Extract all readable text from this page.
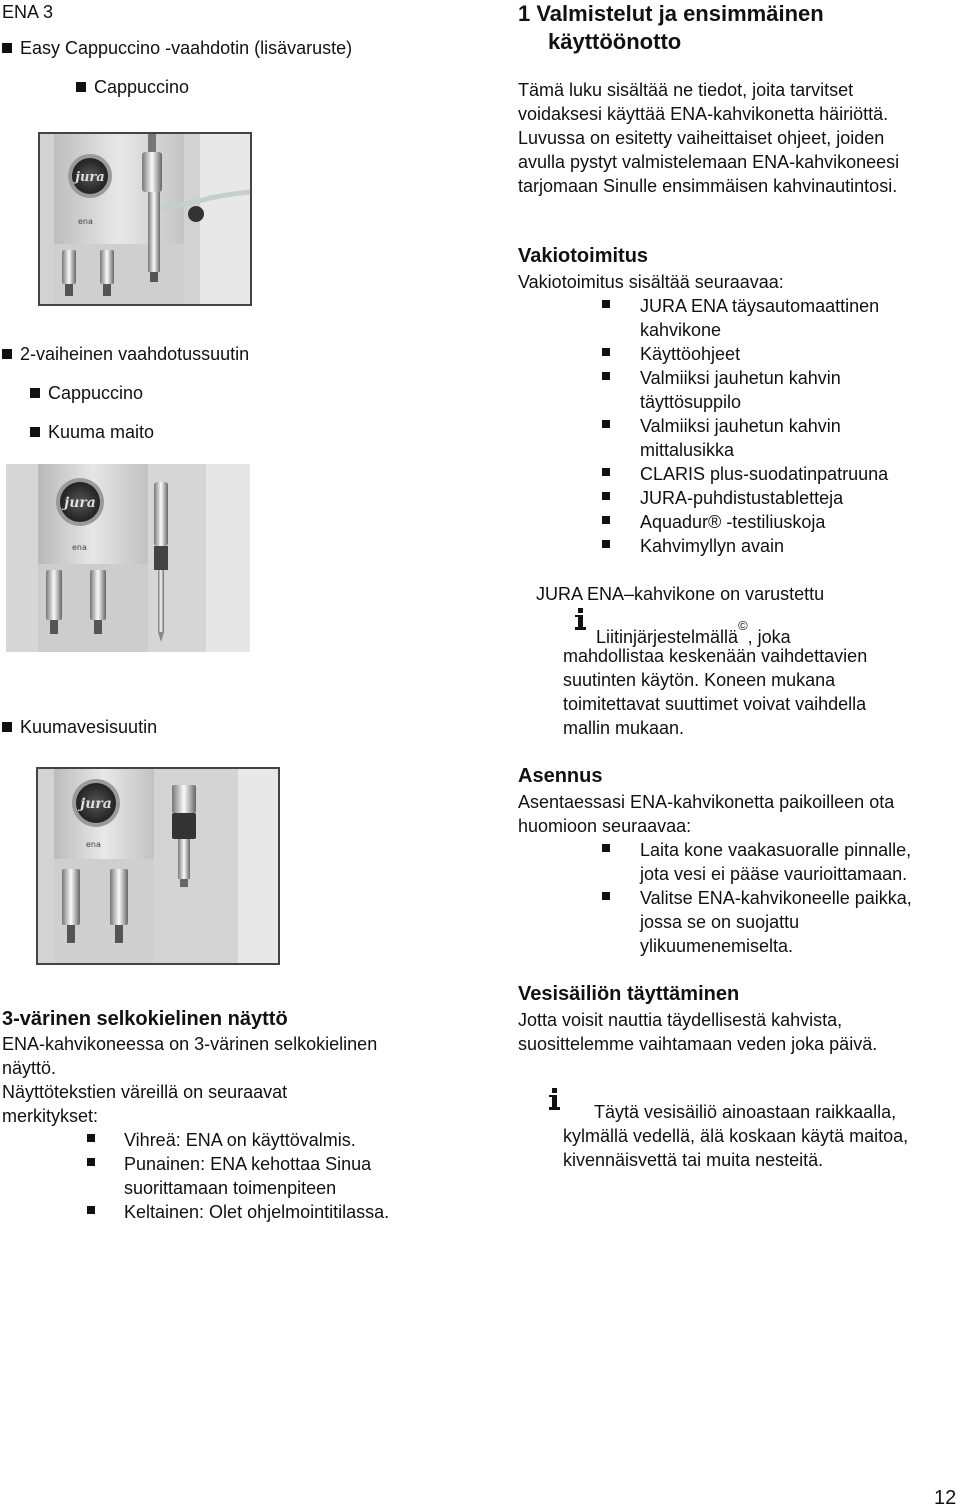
ENA 3
Easy Cappuccino -vaahdotin (lisävaruste)
Cappuccino
jura
ena
2-vaiheinen vaahdotussuutin
Cappuccino
Kuuma maito
jura
ena
Kuumavesisuutin
jura
ena
3-värinen selkokielinen näyttö
ENA-kahvikoneessa on 3-värinen selkokielinen
näyttö.
Näyttötekstien väreillä on seuraavat
merkitykset:
Vihreä: ENA on käyttövalmis.
Punainen: ENA kehottaa Sinua
suorittamaan toimenpiteen
Keltainen: Olet ohjelmointitilassa.
1 Valmistelut ja ensimmäinen
käyttöönotto
Tämä luku sisältää ne tiedot, joita tarvitset
voidaksesi käyttää ENA-kahvikonetta häiriöttä.
Luvussa on esitetty vaiheittaiset ohjeet, joiden
avulla pystyt valmistelemaan ENA-kahvikoneesi
tarjomaan Sinulle ensimmäisen kahvinautintosi.
Vakiotoimitus
Vakiotoimitus sisältää seuraavaa:
JURA ENA täysautomaattinen
kahvikone
Käyttöohjeet
Valmiiksi jauhetun kahvin
täyttösuppilo
Valmiiksi jauhetun kahvin
mittalusikka
CLARIS plus-suodatinpatruuna
JURA-puhdistustabletteja
Aquadur® -testiliuskoja
Kahvimyllyn avain
JURA ENA–kahvikone on varustettu
Liitinjärjestelmällä©, joka
mahdollistaa keskenään vaihdettavien
suutinten käytön. Koneen mukana
toimitettavat suuttimet voivat vaihdella
mallin mukaan.
Asennus
Asentaessasi ENA-kahvikonetta paikoilleen ota
huomioon seuraavaa:
Laita kone vaakasuoralle pinnalle,
jota vesi ei pääse vaurioittamaan.
Valitse ENA-kahvikoneelle paikka,
jossa se on suojattu
ylikuumenemiselta.
Vesisäiliön täyttäminen
Jotta voisit nauttia täydellisestä kahvista,
suosittelemme vaihtamaan veden joka päivä.
Täytä vesisäiliö ainoastaan raikkaalla,
kylmällä vedellä, älä koskaan käytä maitoa,
kivennäisvettä tai muita nesteitä.
12
